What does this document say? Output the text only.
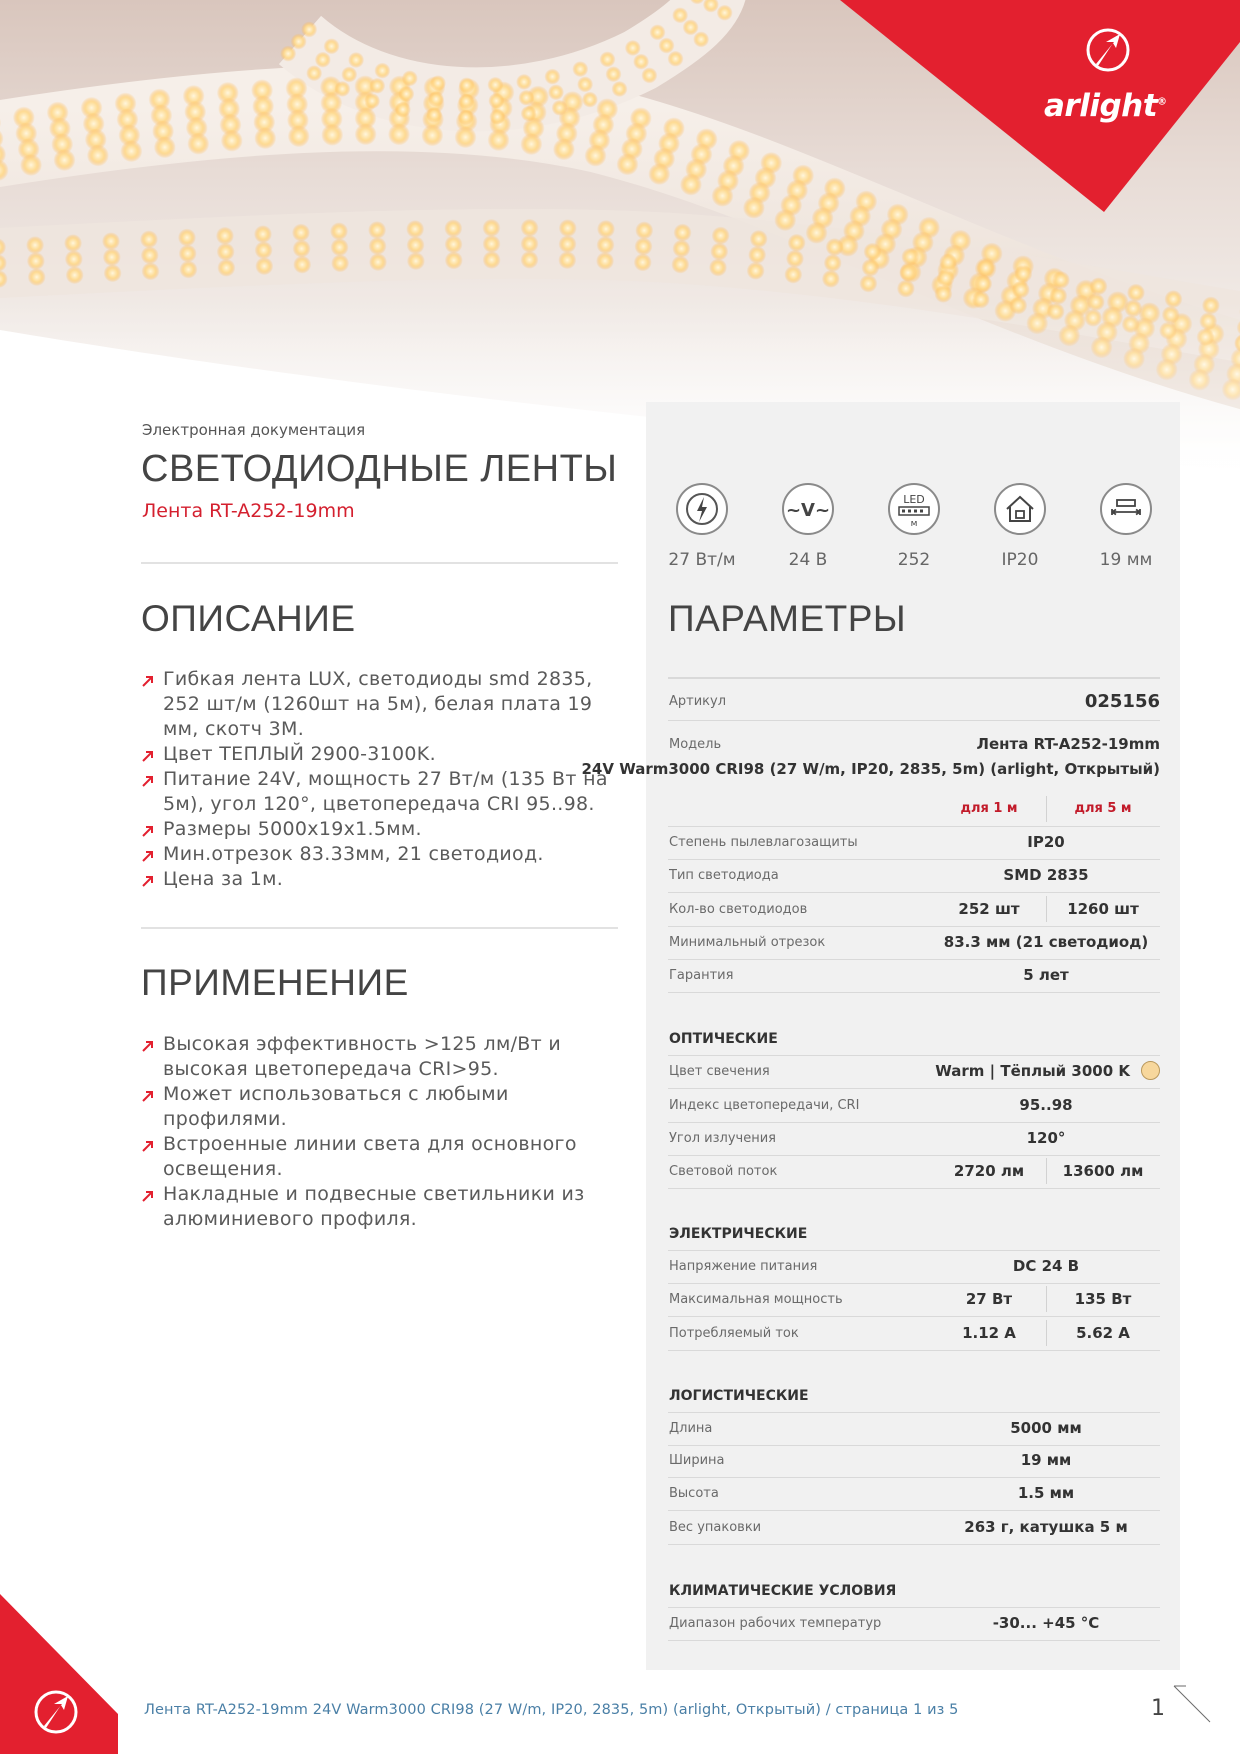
arlight®
Электронная документация
СВЕТОДИОДНЫЕ ЛЕНТЫ
Лента RT-A252-19mm
ОПИСАНИЕ
Гибкая лента LUX, светодиоды smd 2835, 252 шт/м (1260шт на 5м), белая плата 19 мм, скотч 3M.
Цвет ТЕПЛЫЙ 2900-3100K.
Питание 24V, мощность 27 Вт/м (135 Вт на 5м), угол 120°, цветопередача CRI 95..98.
Размеры 5000x19x1.5мм.
Мин.отрезок 83.33мм, 21 светодиод.
Цена за 1м.
ПРИМЕНЕНИЕ
Высокая эффективность >125 лм/Вт и высокая цветопередача CRI>95.
Может использоваться с любыми профилями.
Встроенные линии света для основного освещения.
Накладные и подвесные светильники из алюминиевого профиля.
27 Вт/м
~V~
24 В
LED
м
252	IP20	19 мм
ПАРАМЕТРЫ
Артикул	025156
Модель	Лента RT-A252-19mm
24V Warm3000 CRI98 (27 W/m, IP20, 2835, 5m) (arlight, Открытый)
для 1 м	для 5 м
Степень пылевлагозащиты	IP20
Тип светодиода	SMD 2835
Кол-во светодиодов	252 шт	1260 шт
Минимальный отрезок	83.3 мм (21 светодиод)
Гарантия	5 лет
ОПТИЧЕСКИЕ
Цвет свечения	Warm | Тёплый 3000 K
Индекс цветопередачи, CRI	95..98
Угол излучения	120°
Световой поток	2720 лм	13600 лм
ЭЛЕКТРИЧЕСКИЕ
Напряжение питания	DC 24 В
Максимальная мощность	27 Вт	135 Вт
Потребляемый ток	1.12 А	5.62 А
ЛОГИСТИЧЕСКИЕ
Длина	5000 мм
Ширина	19 мм
Высота	1.5 мм
Вес упаковки	263 г, катушка 5 м
КЛИМАТИЧЕСКИЕ УСЛОВИЯ
Диапазон рабочих температур	-30... +45 °C
Лента RT-A252-19mm 24V Warm3000 CRI98 (27 W/m, IP20, 2835, 5m) (arlight, Открытый) / страница 1 из 5	1
